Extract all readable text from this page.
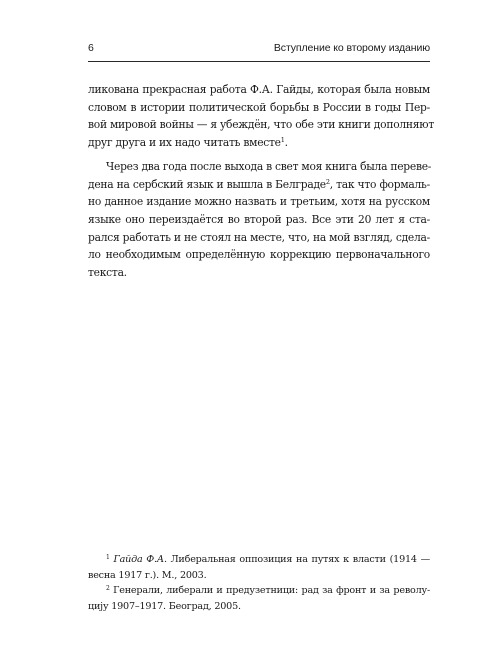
6	Вступление ко второму изданию
ликована прекрасная работа Ф.А. Гайды, которая была новым
словом в истории политической борьбы в России в годы Пер-
вой мировой войны — я убеждён, что обе эти книги дополняют
друг друга и их надо читать вместе$^1$.
Через два года после выхода в свет моя книга была переве-
дена на сербский язык и вышла в Белграде$^2$, так что формаль-
но данное издание можно назвать и третьим, хотя на русском
языке оно переиздаётся во второй раз. Все эти 20 лет я ста-
рался работать и не стоял на месте, что, на мой взгляд, сдела-
ло необходимым определённую коррекцию первоначального
текста.
$^1$ Гайда Ф.А. Либеральная оппозиция на путях к власти (1914 —
весна 1917 г.). М., 2003.
$^2$ Генерали, либерали и предузетници: рад за фронт и за револу-
цију 1907–1917. Београд, 2005.
